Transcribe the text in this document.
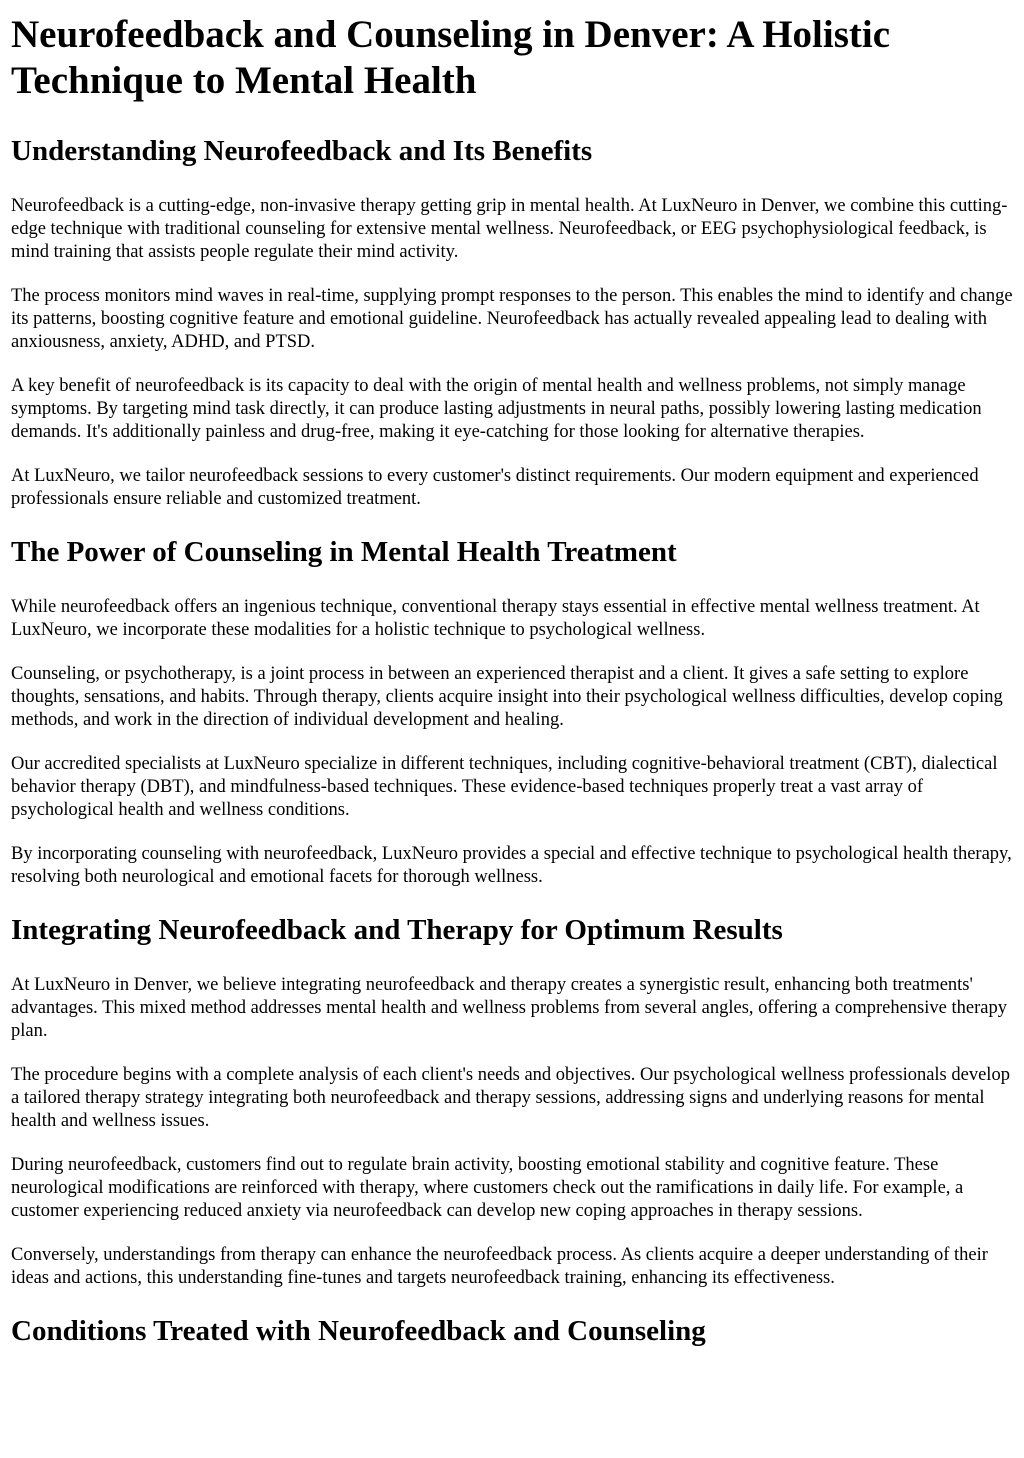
Neurofeedback and Counseling in Denver: A Holistic Technique to Mental Health
Understanding Neurofeedback and Its Benefits

Neurofeedback is a cutting-edge, non-invasive therapy getting grip in mental health. At LuxNeuro in Denver, we combine this cutting-edge technique with traditional counseling for extensive mental wellness. Neurofeedback, or EEG psychophysiological feedback, is mind training that assists people regulate their mind activity.

The process monitors mind waves in real-time, supplying prompt responses to the person. This enables the mind to identify and change its patterns, boosting cognitive feature and emotional guideline. Neurofeedback has actually revealed appealing lead to dealing with anxiousness, anxiety, ADHD, and PTSD.

A key benefit of neurofeedback is its capacity to deal with the origin of mental health and wellness problems, not simply manage symptoms. By targeting mind task directly, it can produce lasting adjustments in neural paths, possibly lowering lasting medication demands. It's additionally painless and drug-free, making it eye-catching for those looking for alternative therapies.

At LuxNeuro, we tailor neurofeedback sessions to every customer's distinct requirements. Our modern equipment and experienced professionals ensure reliable and customized treatment.

The Power of Counseling in Mental Health Treatment

While neurofeedback offers an ingenious technique, conventional therapy stays essential in effective mental wellness treatment. At LuxNeuro, we incorporate these modalities for a holistic technique to psychological wellness.

Counseling, or psychotherapy, is a joint process in between an experienced therapist and a client. It gives a safe setting to explore thoughts, sensations, and habits. Through therapy, clients acquire insight into their psychological wellness difficulties, develop coping methods, and work in the direction of individual development and healing.

Our accredited specialists at LuxNeuro specialize in different techniques, including cognitive-behavioral treatment (CBT), dialectical behavior therapy (DBT), and mindfulness-based techniques. These evidence-based techniques properly treat a vast array of psychological health and wellness conditions.

By incorporating counseling with neurofeedback, LuxNeuro provides a special and effective technique to psychological health therapy, resolving both neurological and emotional facets for thorough wellness.

Integrating Neurofeedback and Therapy for Optimum Results

At LuxNeuro in Denver, we believe integrating neurofeedback and therapy creates a synergistic result, enhancing both treatments' advantages. This mixed method addresses mental health and wellness problems from several angles, offering a comprehensive therapy plan.

The procedure begins with a complete analysis of each client's needs and objectives. Our psychological wellness professionals develop a tailored therapy strategy integrating both neurofeedback and therapy sessions, addressing signs and underlying reasons for mental health and wellness issues.

During neurofeedback, customers find out to regulate brain activity, boosting emotional stability and cognitive feature. These neurological modifications are reinforced with therapy, where customers check out the ramifications in daily life. For example, a customer experiencing reduced anxiety via neurofeedback can develop new coping approaches in therapy sessions.

Conversely, understandings from therapy can enhance the neurofeedback process. As clients acquire a deeper understanding of their ideas and actions, this understanding fine-tunes and targets neurofeedback training, enhancing its effectiveness.

Conditions Treated with Neurofeedback and Counseling
